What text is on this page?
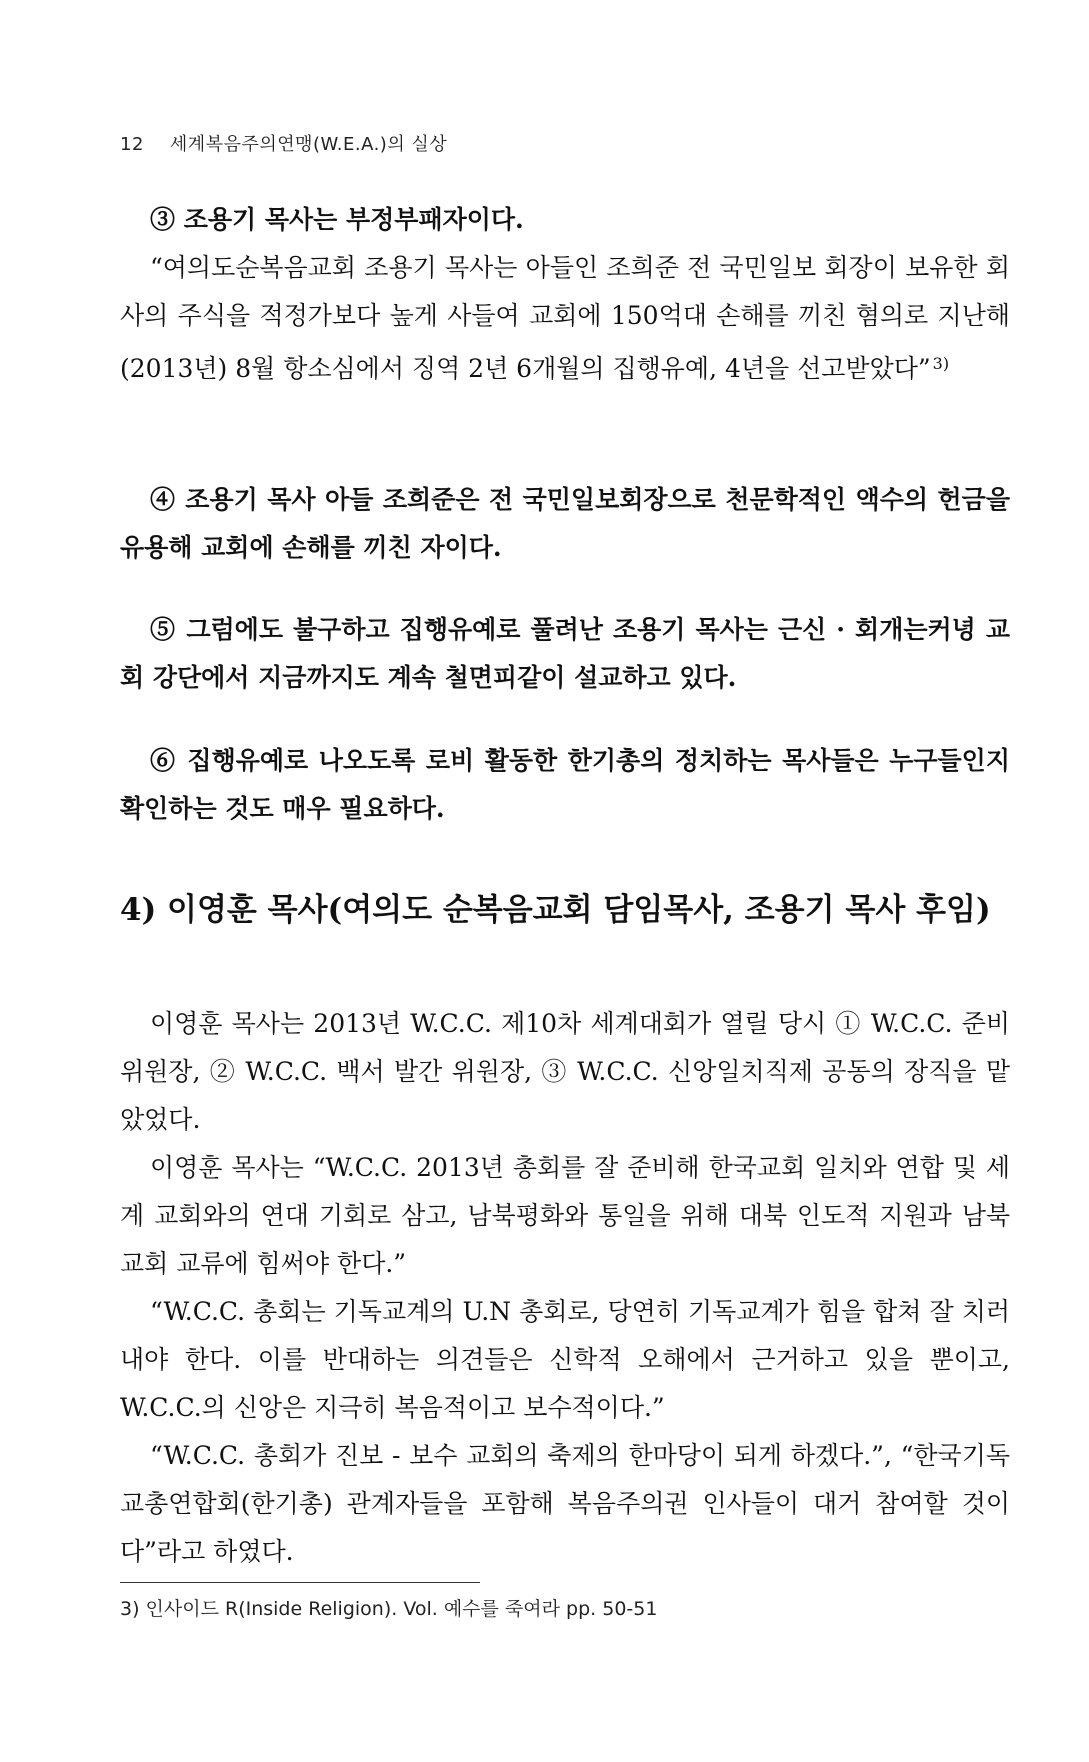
12 세계복음주의연맹(W.E.A.)의 실상

③ 조용기 목사는 부정부패자이다.

“여의도순복음교회 조용기 목사는 아들인 조희준 전 국민일보 회장이 보유한 회사의 주식을 적정가보다 높게 사들여 교회에 150억대 손해를 끼친 혐의로 지난해(2013년) 8월 항소심에서 징역 2년 6개월의 집행유예, 4년을 선고받았다” $^{3)}$

④ 조용기 목사 아들 조희준은 전 국민일보회장으로 천문학적인 액수의 헌금을 유용해 교회에 손해를 끼친 자이다.

⑤ 그럼에도 불구하고 집행유예로 풀려난 조용기 목사는 근신 · 회개는커녕 교회 강단에서 지금까지도 계속 철면피같이 설교하고 있다.

⑥ 집행유예로 나오도록 로비 활동한 한기총의 정치하는 목사들은 누구들인지 확인하는 것도 매우 필요하다.

4) 이영훈 목사(여의도 순복음교회 담임목사, 조용기 목사 후임)

이영훈 목사는 2013년 W.C.C. 제10차 세계대회가 열릴 당시 ① W.C.C. 준비위원장, ② W.C.C. 백서 발간 위원장, ③ W.C.C. 신앙일치직제 공동의 장직을 맡았었다.

이영훈 목사는 “W.C.C. 2013년 총회를 잘 준비해 한국교회 일치와 연합 및 세계 교회와의 연대 기회로 삼고, 남북평화와 통일을 위해 대북 인도적 지원과 남북교회 교류에 힘써야 한다.”

“W.C.C. 총회는 기독교계의 U.N 총회로, 당연히 기독교계가 힘을 합쳐 잘 치러내야 한다. 이를 반대하는 의견들은 신학적 오해에서 근거하고 있을 뿐이고, W.C.C.의 신앙은 지극히 복음적이고 보수적이다.”

“W.C.C. 총회가 진보 - 보수 교회의 축제의 한마당이 되게 하겠다.”, “한국기독교총연합회(한기총) 관계자들을 포함해 복음주의권 인사들이 대거 참여할 것이다”라고 하였다.

3) 인사이드 R(Inside Religion). Vol. 예수를 죽여라 pp. 50-51
